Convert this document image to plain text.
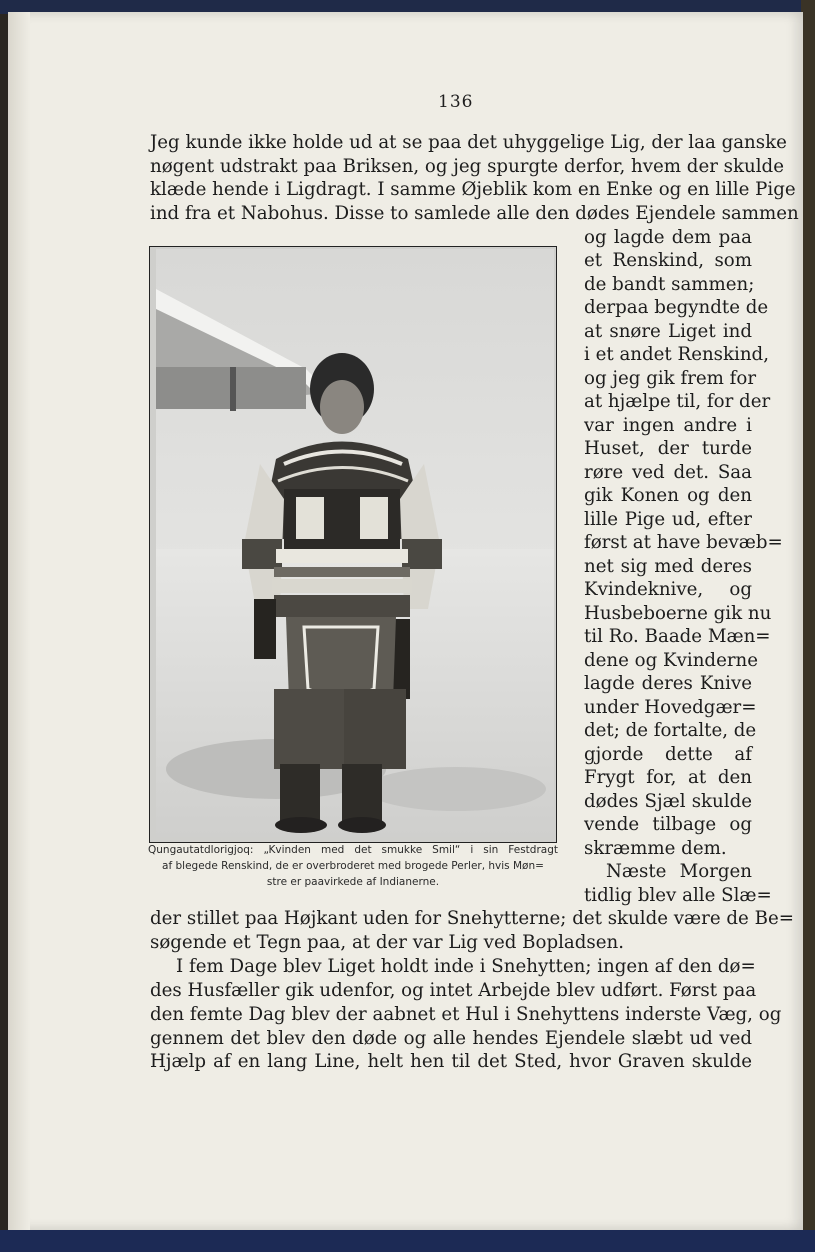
136
Jeg kunde ikke holde ud at se paa det uhyggelige Lig, der laa ganske
nøgent udstrakt paa Briksen, og jeg spurgte derfor, hvem der skulde
klæde hende i Ligdragt. I samme Øjeblik kom en Enke og en lille Pige
ind fra et Nabohus. Disse to samlede alle den dødes Ejendele sammen
og lagde dem paa
et Renskind, som
de bandt sammen;
derpaa begyndte de
at snøre Liget ind
i et andet Renskind,
og jeg gik frem for
at hjælpe til, for der
var ingen andre i
Huset, der turde
røre ved det. Saa
gik Konen og den
lille Pige ud, efter
først at have bevæb=
net sig med deres
Kvindeknive, og
Husbeboerne gik nu
til Ro. Baade Mæn=
dene og Kvinderne
lagde deres Knive
under Hovedgær=
det; de fortalte, de
gjorde dette af
Frygt for, at den
dødes Sjæl skulde
vende tilbage og
skræmme dem.
Næste Morgen
tidlig blev alle Slæ=
der stillet paa Højkant uden for Snehytterne; det skulde være de Be=
søgende et Tegn paa, at der var Lig ved Bopladsen.
I fem Dage blev Liget holdt inde i Snehytten; ingen af den dø=
des Husfæller gik udenfor, og intet Arbejde blev udført. Først paa
den femte Dag blev der aabnet et Hul i Snehyttens inderste Væg, og
gennem det blev den døde og alle hendes Ejendele slæbt ud ved
Hjælp af en lang Line, helt hen til det Sted, hvor Graven skulde
Qungautatdlorigjoq: „Kvinden med det smukke Smil“ i sin Festdragt
af blegede Renskind, de er overbroderet med brogede Perler, hvis Møn=
stre er paavirkede af Indianerne.
